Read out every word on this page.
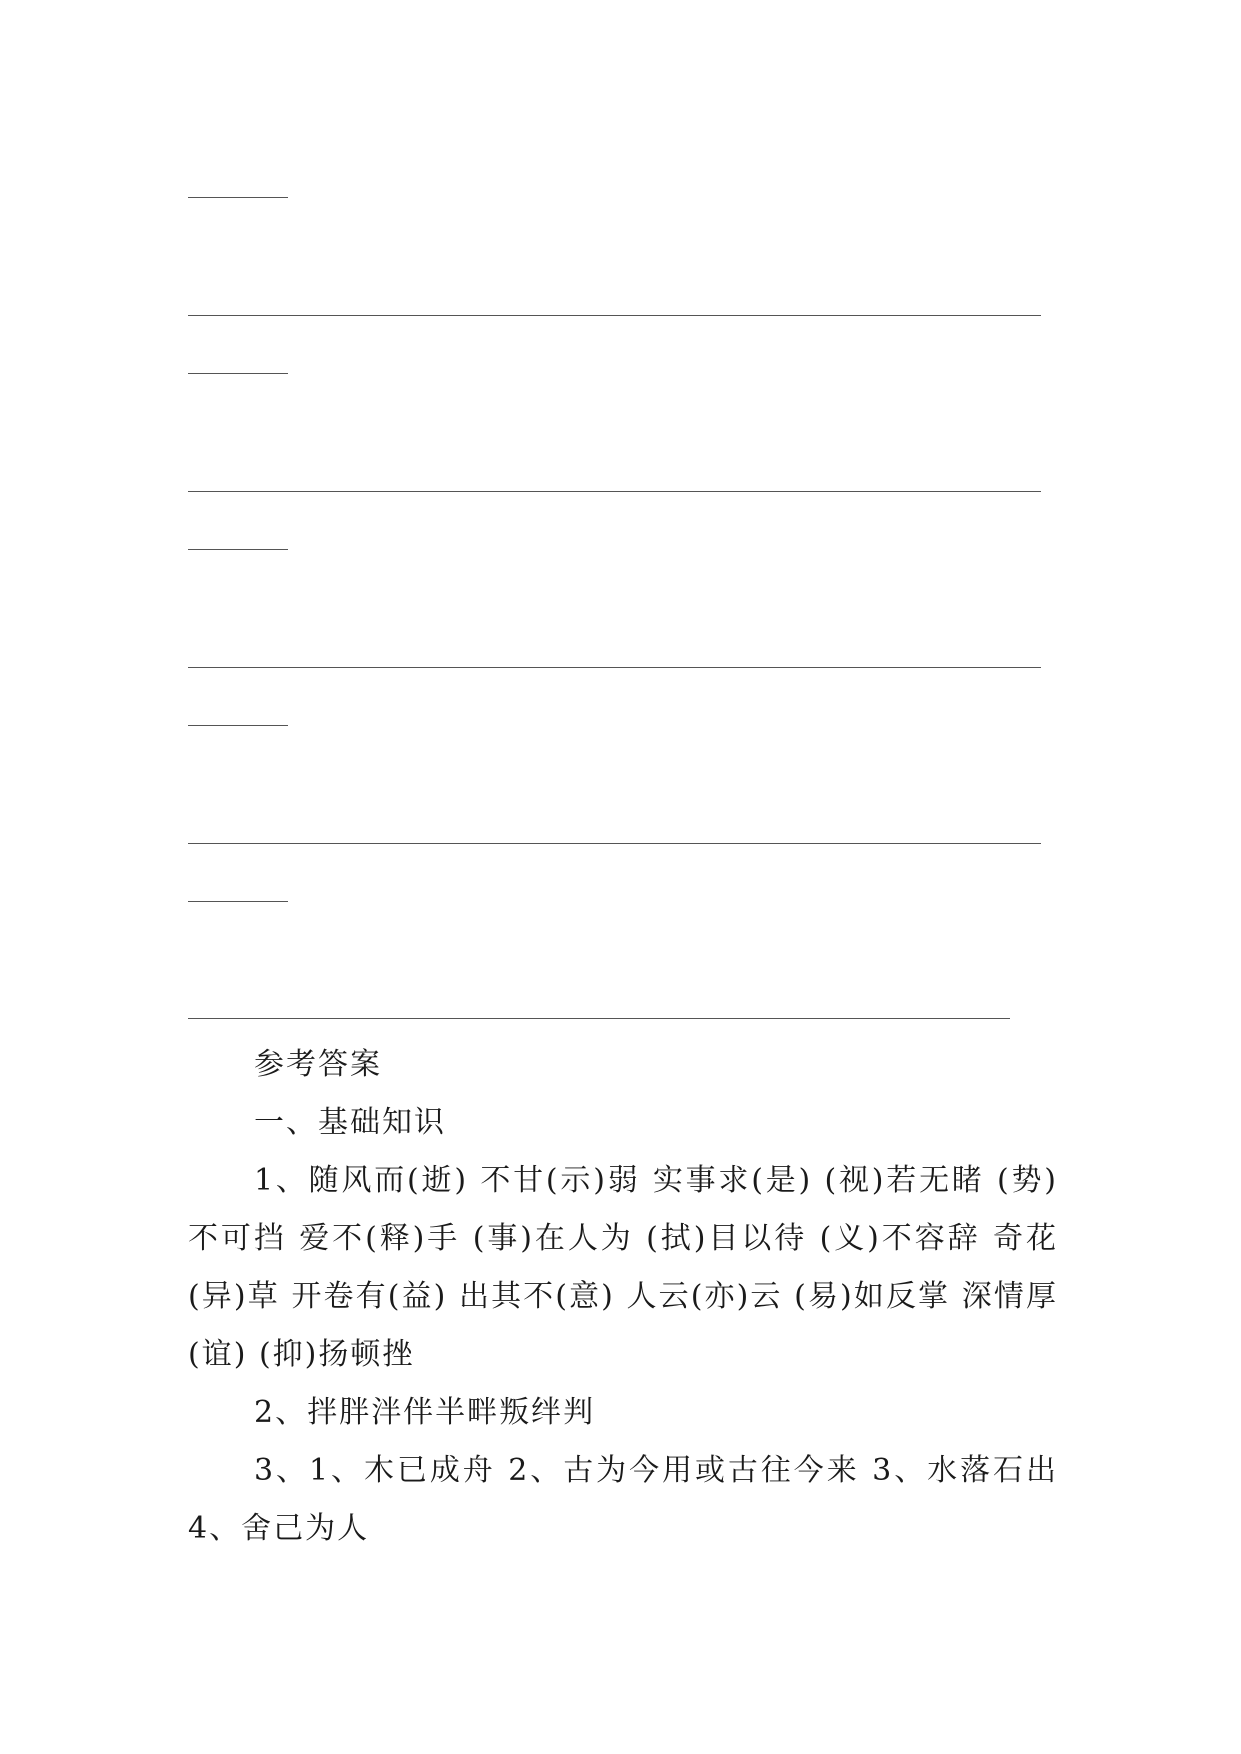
参考答案

一、基础知识

1、随风而(逝) 不甘(示)弱 实事求(是) (视)若无睹 (势)不可挡 爱不(释)手 (事)在人为 (拭)目以待 (义)不容辞 奇花(异)草 开卷有(益) 出其不(意) 人云(亦)云 (易)如反掌 深情厚(谊) (抑)扬顿挫

2、拌胖泮伴半畔叛绊判

3、1、木已成舟 2、古为今用或古往今来 3、水落石出 4、舍己为人
